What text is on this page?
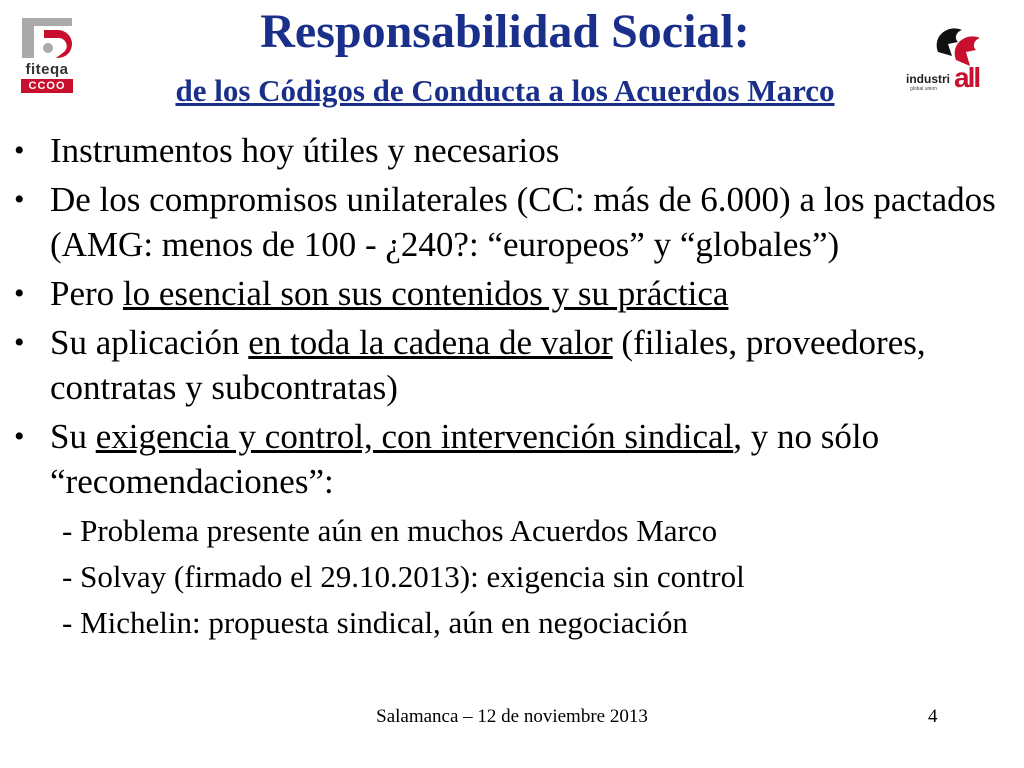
fiteqa
CCOO	industri all
global union
Responsabilidad Social:
de los Códigos de Conducta a los Acuerdos Marco
• Instrumentos hoy útiles y necesarios
• De los compromisos unilaterales (CC: más de 6.000) a los pactados (AMG: menos de 100 - ¿240?: “europeos” y “globales”)
• Pero lo esencial son sus contenidos y su práctica
• Su aplicación en toda la cadena de valor (filiales, proveedores, contratas y subcontratas)
• Su exigencia y control, con intervención sindical, y no sólo “recomendaciones”:
- Problema presente aún en muchos Acuerdos Marco
- Solvay (firmado el 29.10.2013): exigencia sin control
- Michelin: propuesta sindical, aún en negociación
Salamanca – 12 de noviembre 2013	4
